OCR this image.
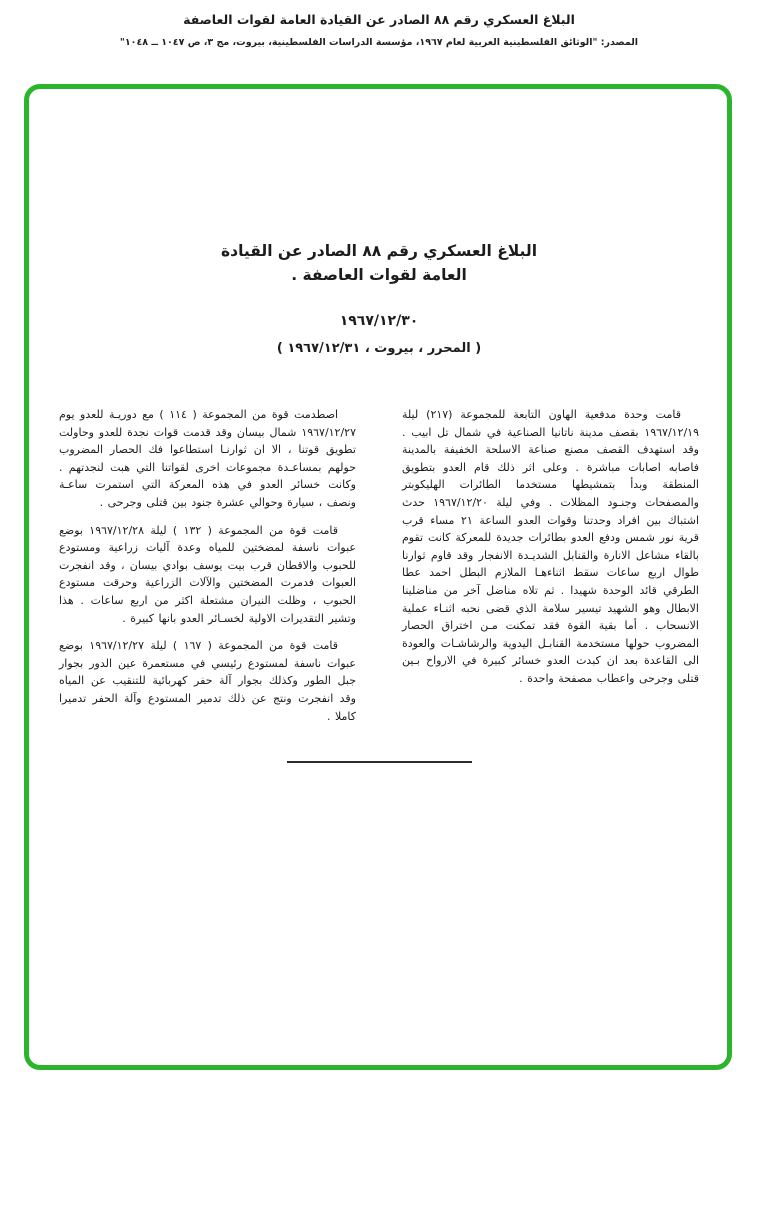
البلاغ العسكري رقم ٨٨ الصادر عن القيادة العامة لقوات العاصفة
المصدر: "الوثائق الفلسطينية العربية لعام ١٩٦٧، مؤسسة الدراسات الفلسطينية، بيروت، مج ٣، ص ١٠٤٧ ــ ١٠٤٨"
البلاغ العسكري رقم ٨٨ الصادر عن القيادة
العامة لقوات العاصفة .
١٩٦٧/١٢/٣٠
( المحرر ، بيروت ، ١٩٦٧/١٢/٣١ )

قامت وحدة مدفعية الهاون التابعة للمجموعة (٢١٧) ليلة ١٩٦٧/١٢/١٩ بقصف مدينة ناتانيا الصناعية في شمال تل ابيب . وقد استهدف القصف مصنع صناعة الاسلحة الخفيفة بالمدينة فاصابه اصابات مباشرة . وعلى اثر ذلك قام العدو بتطويق المنطقة وبدأ بتمشيطها مستخدما الطائرات الهليكوبتر والمصفحات وجنـود المظلات . وفي ليلة ١٩٦٧/١٢/٢٠ حدث اشتباك بين افراد وحدتنا وقوات العدو الساعة ٢١ مساء قرب قرية نور شمس ودفع العدو بطائرات جديدة للمعركة كانت تقوم بالقاء مشاعل الانارة والقنابل الشديـدة الانفجار وقد قاوم ثوارنا طوال اربع ساعات سقط اثناءهـا الملازم البطل احمد عطا الطرقي قائد الوحدة شهيدا . ثم تلاه مناضل آخر من مناضلينا الابطال وهو الشهيد تيسير سلامة الذي قضى نحبه اثنـاء عملية الانسحاب . أما بقية القوة فقد تمكنت مـن اختراق الحصار المضروب حولها مستخدمة القنابـل اليدوية والرشاشـات والعودة الى القاعدة بعد ان كبدت العدو خسائر كبيرة في الارواح بـين قتلى وجرحى واعطاب مصفحة واحدة .

اصطدمت قوة من المجموعة ( ١١٤ ) مع دوريـة للعدو يوم ١٩٦٧/١٢/٢٧ شمال بيسان وقد قدمت قوات نجدة للعدو وحاولت تطويق قوتنا ، الا ان ثوارنـا استطاعوا فك الحصار المضروب حولهم بمساعـدة مجموعات اخرى لقواتنا التي هبت لنجدتهم . وكانت خسائر العدو في هذه المعركة التي استمرت ساعـة ونصف ، سيارة وحوالي عشرة جنود بين قتلى وجرحى .

قامت قوة من المجموعة ( ١٣٢ ) ليلة ١٩٦٧/١٢/٢٨ بوضع عبوات ناسفة لمضختين للمياه وعدة آليات زراعية ومستودع للحبوب والاقطان قرب بيت يوسف بوادي بيسان ، وقد انفجرت العبوات فدمرت المضختين والآلات الزراعية وحرقت مستودع الحبوب ، وظلت النيران مشتعلة اكثر من اربع ساعات . هذا وتشير التقديرات الاولية لخسـائر العدو بانها كبيرة .

قامت قوة من المجموعة ( ١٦٧ ) ليلة ١٩٦٧/١٢/٢٧ بوضع عبوات ناسفة لمستودع رئيسي في مستعمرة عين الدور بجوار جبل الطور وكذلك بجوار آلة حفر كهربائية للتنقيب عن المياه وقد انفجرت ونتج عن ذلك تدمير المستودع وآلة الحفر تدميرا كاملا .
